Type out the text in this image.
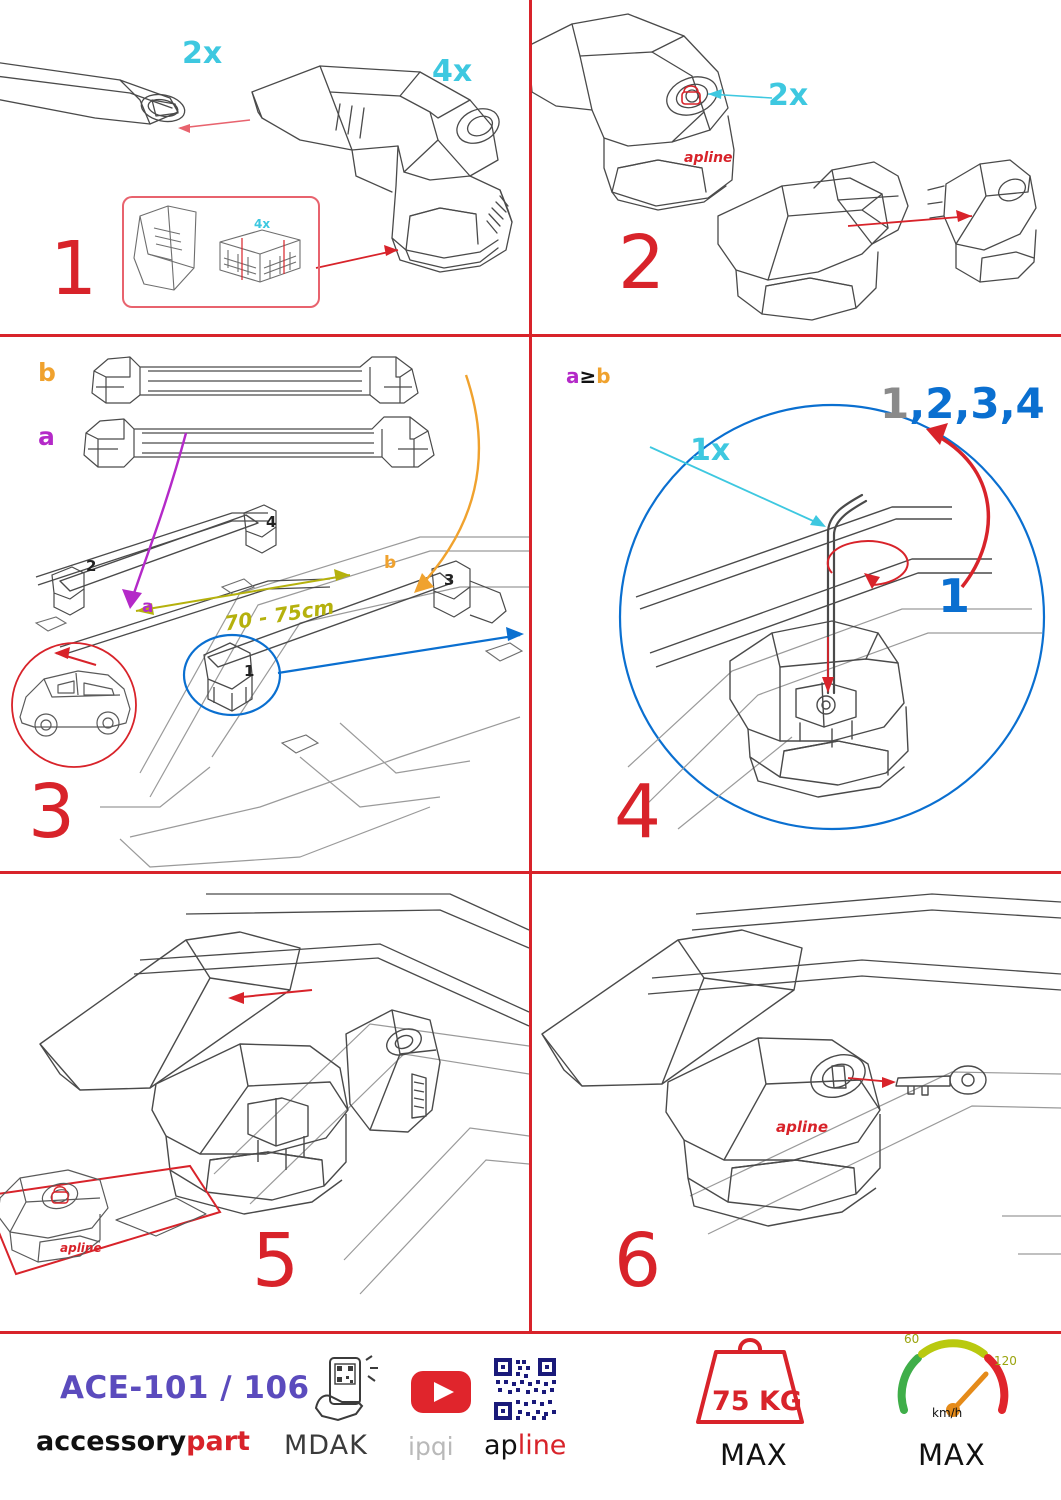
4x
2x
4x
1
apline
2x
2
b
a
a
b
70 - 75cm
1
2
3
4
3
1x
1,2,3,4
1
4
apline 5
apline
6
ACE-101 / 106
accessorypart MDAK ipqi apline
75 KG
MAX
60
120
km/h
MAX
a≥b
